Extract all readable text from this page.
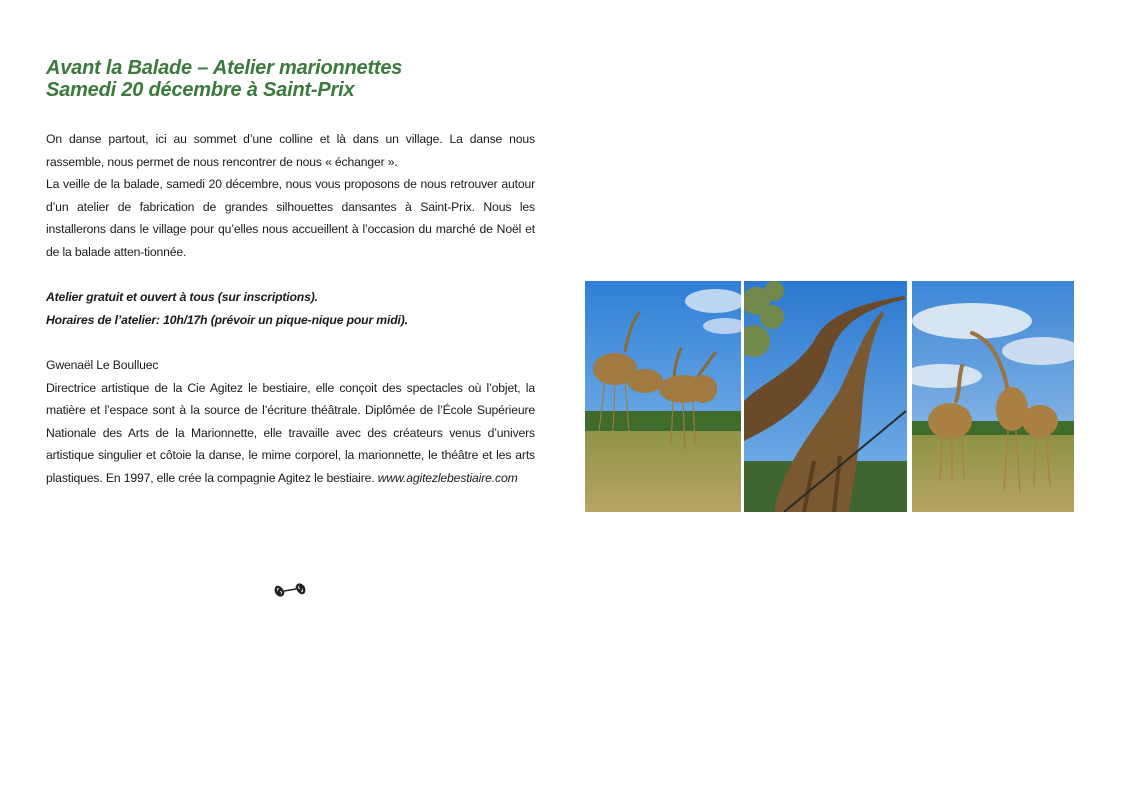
Avant la Balade – Atelier marionnettes
Samedi 20 décembre à Saint-Prix

On danse partout, ici au sommet d’une colline et là dans un village. La danse nous rassemble, nous permet de nous rencontrer de nous « échanger ».

La veille de la balade, samedi 20 décembre, nous vous proposons de nous retrouver autour d’un atelier de fabrication de grandes silhouettes dansantes à Saint-Prix. Nous les installerons dans le village pour qu’elles nous accueillent à l’occasion du marché de Noël et de la balade atten-tionnée.

Atelier gratuit et ouvert à tous (sur inscriptions).

Horaires de l’atelier: 10h/17h (prévoir un pique-nique pour midi).

Gwenaël Le Boulluec

Directrice artistique de la Cie Agitez le bestiaire, elle conçoit des spectacles où l’objet, la matière et l’espace sont à la source de l’écriture théâtrale. Diplômée de l’École Supérieure Nationale des Arts de la Marionnette, elle travaille avec des créateurs venus d’univers artistique singulier et côtoie la danse, le mime corporel, la marionnette, le théâtre et les arts plastiques. En 1997, elle crée la compagnie Agitez le bestiaire. www.agitezlebestiaire.com
